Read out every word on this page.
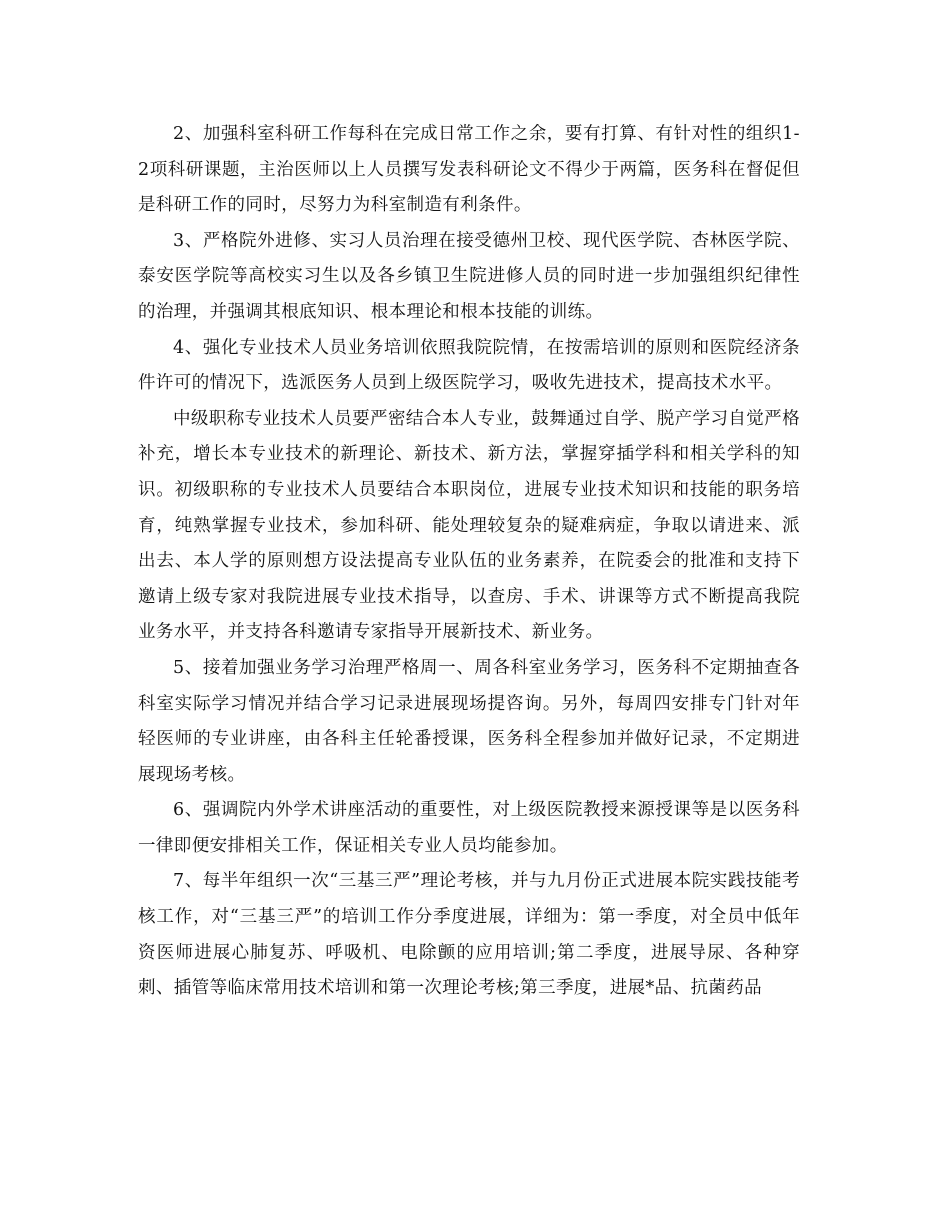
2、加强科室科研工作每科在完成日常工作之余，要有打算、有针对性的组织1-2项科研课题，主治医师以上人员撰写发表科研论文不得少于两篇，医务科在督促但是科研工作的同时，尽努力为科室制造有利条件。

3、严格院外进修、实习人员治理在接受德州卫校、现代医学院、杏林医学院、泰安医学院等高校实习生以及各乡镇卫生院进修人员的同时进一步加强组织纪律性的治理，并强调其根底知识、根本理论和根本技能的训练。

4、强化专业技术人员业务培训依照我院院情，在按需培训的原则和医院经济条件许可的情况下，选派医务人员到上级医院学习，吸收先进技术，提高技术水平。

中级职称专业技术人员要严密结合本人专业，鼓舞通过自学、脱产学习自觉严格补充，增长本专业技术的新理论、新技术、新方法，掌握穿插学科和相关学科的知识。初级职称的专业技术人员要结合本职岗位，进展专业技术知识和技能的职务培育，纯熟掌握专业技术，参加科研、能处理较复杂的疑难病症，争取以请进来、派出去、本人学的原则想方设法提高专业队伍的业务素养，在院委会的批准和支持下邀请上级专家对我院进展专业技术指导，以查房、手术、讲课等方式不断提高我院业务水平，并支持各科邀请专家指导开展新技术、新业务。

5、接着加强业务学习治理严格周一、周各科室业务学习，医务科不定期抽查各科室实际学习情况并结合学习记录进展现场提咨询。另外，每周四安排专门针对年轻医师的专业讲座，由各科主任轮番授课，医务科全程参加并做好记录，不定期进展现场考核。

6、强调院内外学术讲座活动的重要性，对上级医院教授来源授课等是以医务科一律即便安排相关工作，保证相关专业人员均能参加。

7、每半年组织一次“三基三严”理论考核，并与九月份正式进展本院实践技能考核工作，对“三基三严”的培训工作分季度进展，详细为：第一季度，对全员中低年资医师进展心肺复苏、呼吸机、电除颤的应用培训;第二季度，进展导尿、各种穿刺、插管等临床常用技术培训和第一次理论考核;第三季度，进展*品、抗菌药品
